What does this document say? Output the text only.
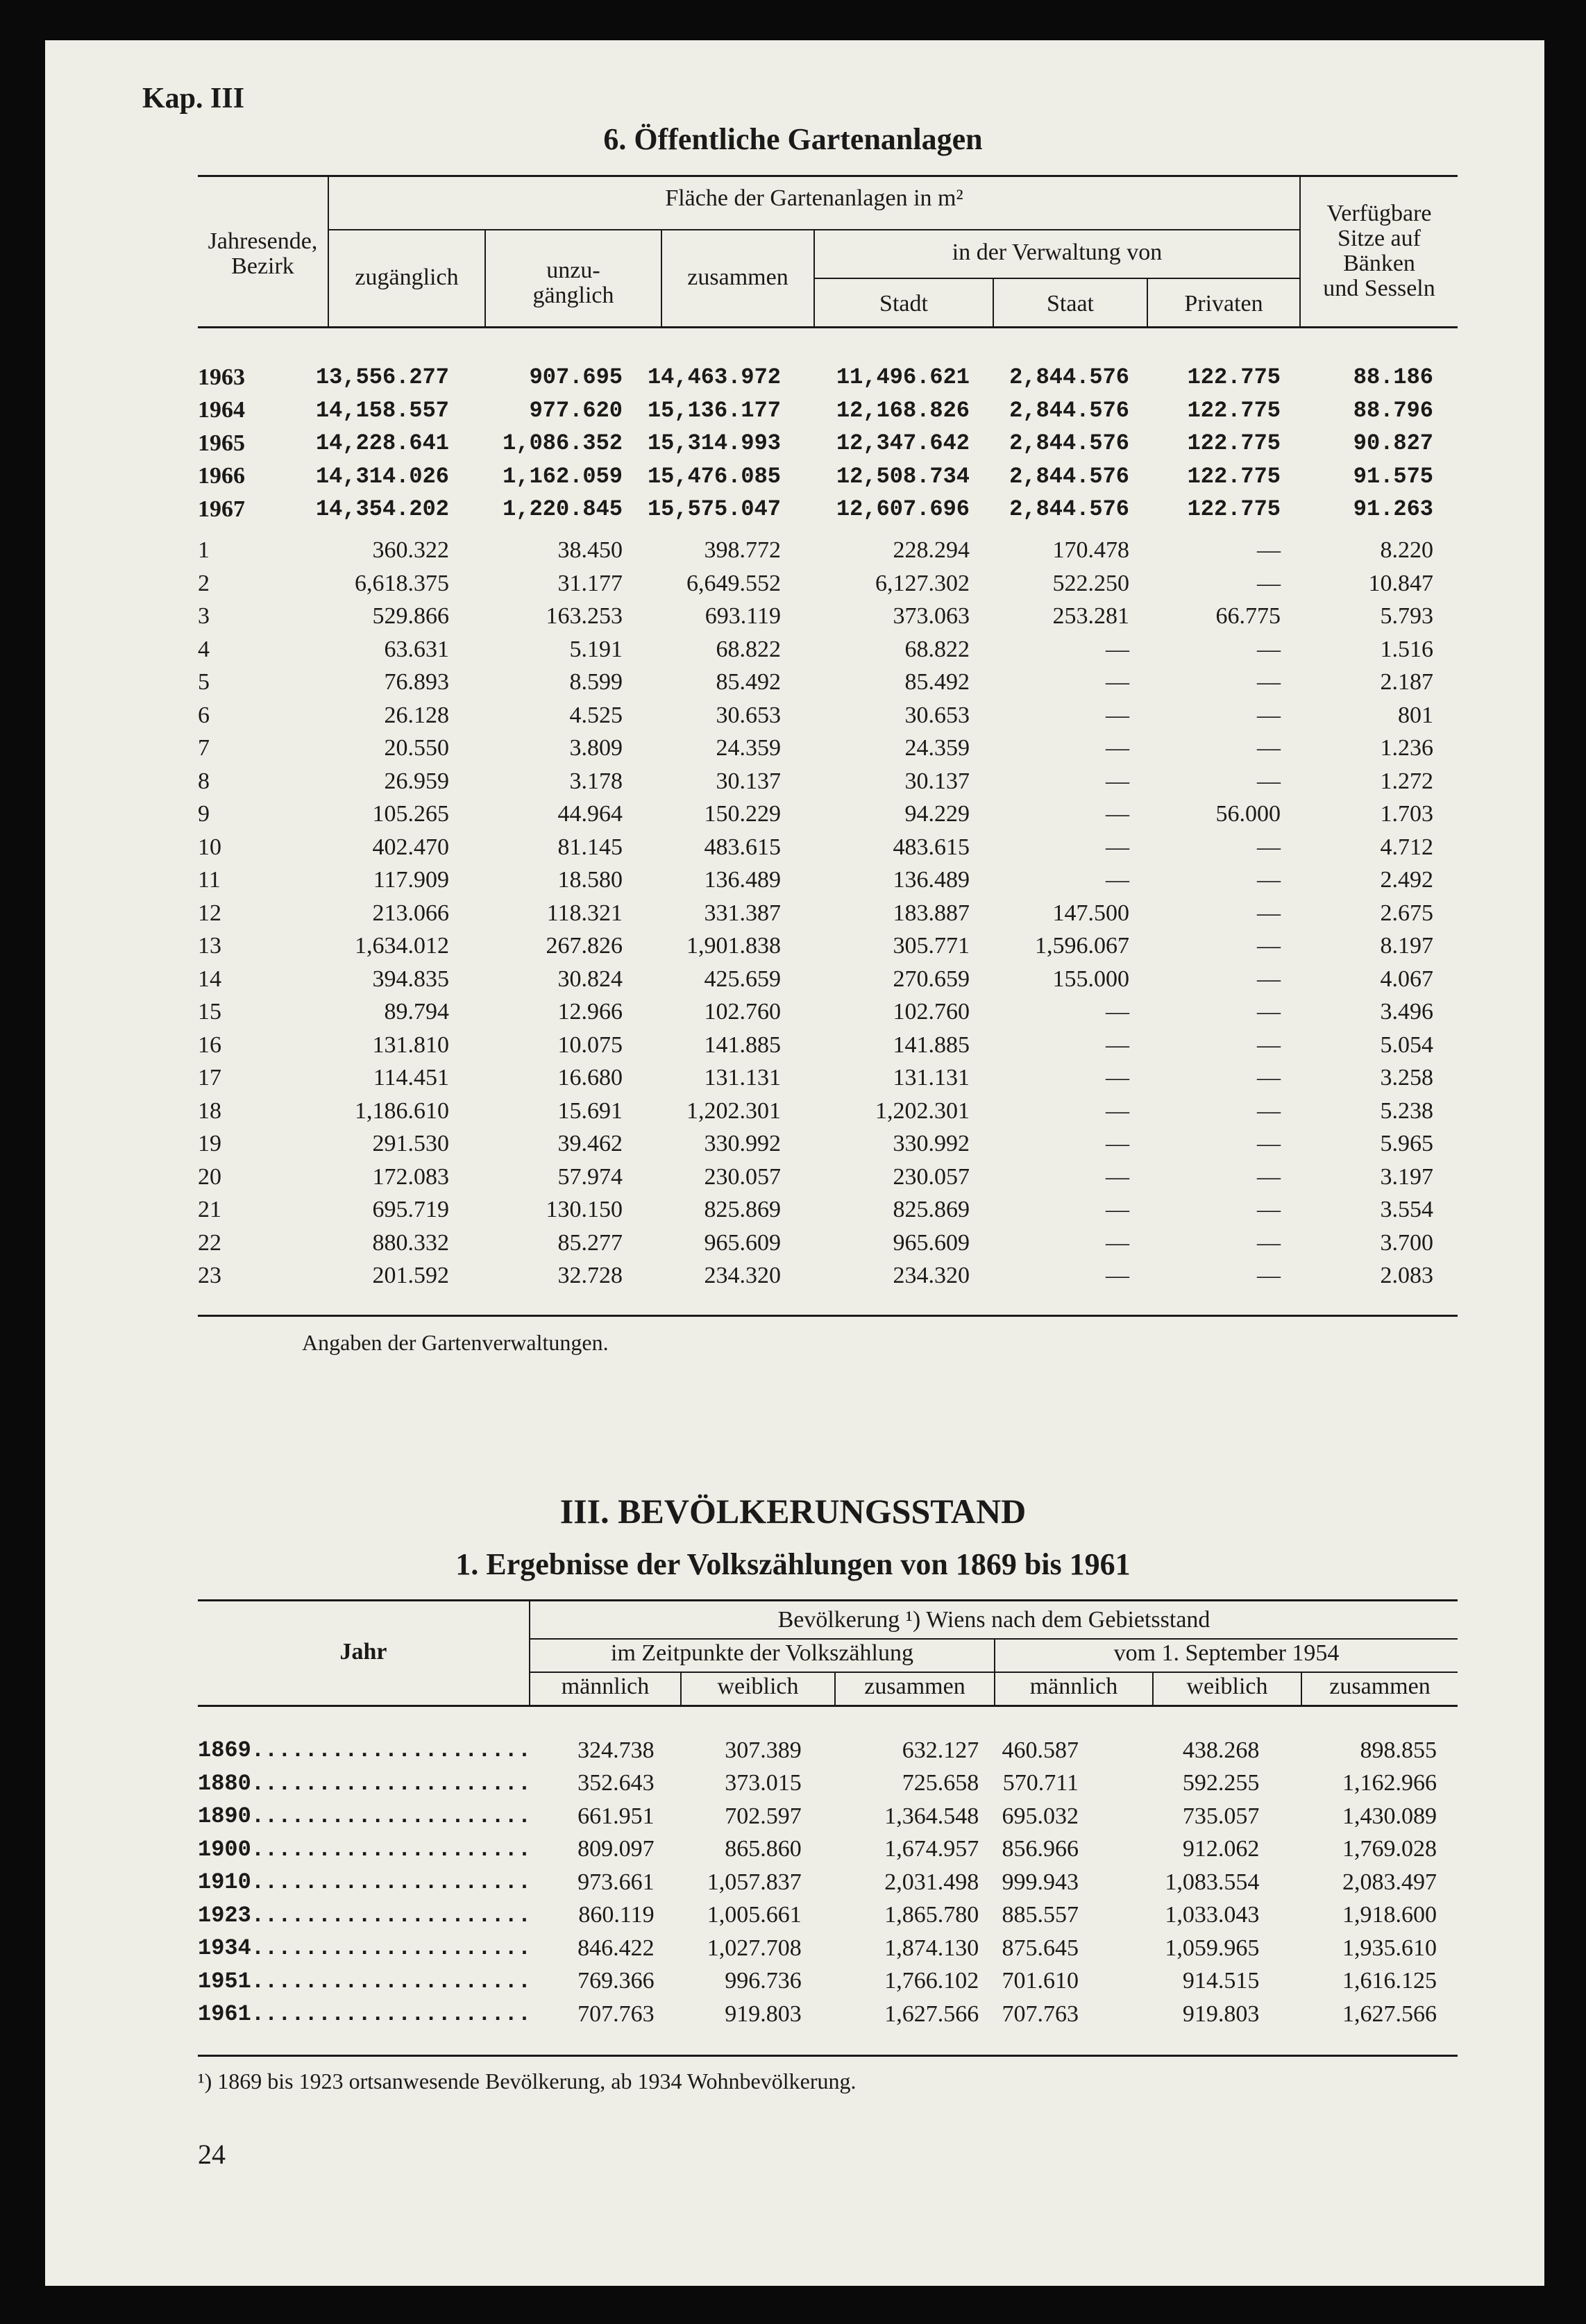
Kap. III
6. Öffentliche Gartenanlagen
Jahresende,
Bezirk
Fläche der Gartenanlagen in m²
zugänglich	unzu-
gänglich
zusammen
in der Verwaltung von
Stadt	Staat	Privaten
Verfügbare
Sitze auf
Bänken
und Sesseln
1963	13,556.277	907.695	14,463.972	11,496.621	2,844.576	122.775	88.186
1964	14,158.557	977.620	15,136.177	12,168.826	2,844.576	122.775	88.796
1965	14,228.641	1,086.352	15,314.993	12,347.642	2,844.576	122.775	90.827
1966	14,314.026	1,162.059	15,476.085	12,508.734	2,844.576	122.775	91.575
1967	14,354.202	1,220.845	15,575.047	12,607.696	2,844.576	122.775	91.263

1	360.322	38.450	398.772	228.294	170.478	—	8.220
2	6,618.375	31.177	6,649.552	6,127.302	522.250	—	10.847
3	529.866	163.253	693.119	373.063	253.281	66.775	5.793
4	63.631	5.191	68.822	68.822	—	—	1.516
5	76.893	8.599	85.492	85.492	—	—	2.187
6	26.128	4.525	30.653	30.653	—	—	801
7	20.550	3.809	24.359	24.359	—	—	1.236
8	26.959	3.178	30.137	30.137	—	—	1.272
9	105.265	44.964	150.229	94.229	—	56.000	1.703
10	402.470	81.145	483.615	483.615	—	—	4.712
11	117.909	18.580	136.489	136.489	—	—	2.492
12	213.066	118.321	331.387	183.887	147.500	—	2.675
13	1,634.012	267.826	1,901.838	305.771	1,596.067	—	8.197
14	394.835	30.824	425.659	270.659	155.000	—	4.067
15	89.794	12.966	102.760	102.760	—	—	3.496
16	131.810	10.075	141.885	141.885	—	—	5.054
17	114.451	16.680	131.131	131.131	—	—	3.258
18	1,186.610	15.691	1,202.301	1,202.301	—	—	5.238
19	291.530	39.462	330.992	330.992	—	—	5.965
20	172.083	57.974	230.057	230.057	—	—	3.197
21	695.719	130.150	825.869	825.869	—	—	3.554
22	880.332	85.277	965.609	965.609	—	—	3.700
23	201.592	32.728	234.320	234.320	—	—	2.083
Angaben der Gartenverwaltungen.
III. BEVÖLKERUNGSSTAND
1. Ergebnisse der Volkszählungen von 1869 bis 1961
Jahr
Bevölkerung ¹) Wiens nach dem Gebietsstand
im Zeitpunkte der Volkszählung	vom 1. September 1954
männlich	weiblich	zusammen	männlich	weiblich	zusammen
1869.....................	324.738	307.389	632.127	460.587	438.268	898.855
1880.....................	352.643	373.015	725.658	570.711	592.255	1,162.966
1890.....................	661.951	702.597	1,364.548	695.032	735.057	1,430.089
1900.....................	809.097	865.860	1,674.957	856.966	912.062	1,769.028
1910.....................	973.661	1,057.837	2,031.498	999.943	1,083.554	2,083.497
1923.....................	860.119	1,005.661	1,865.780	885.557	1,033.043	1,918.600
1934.....................	846.422	1,027.708	1,874.130	875.645	1,059.965	1,935.610
1951.....................	769.366	996.736	1,766.102	701.610	914.515	1,616.125
1961.....................	707.763	919.803	1,627.566	707.763	919.803	1,627.566
¹) 1869 bis 1923 ortsanwesende Bevölkerung, ab 1934 Wohnbevölkerung.
24
